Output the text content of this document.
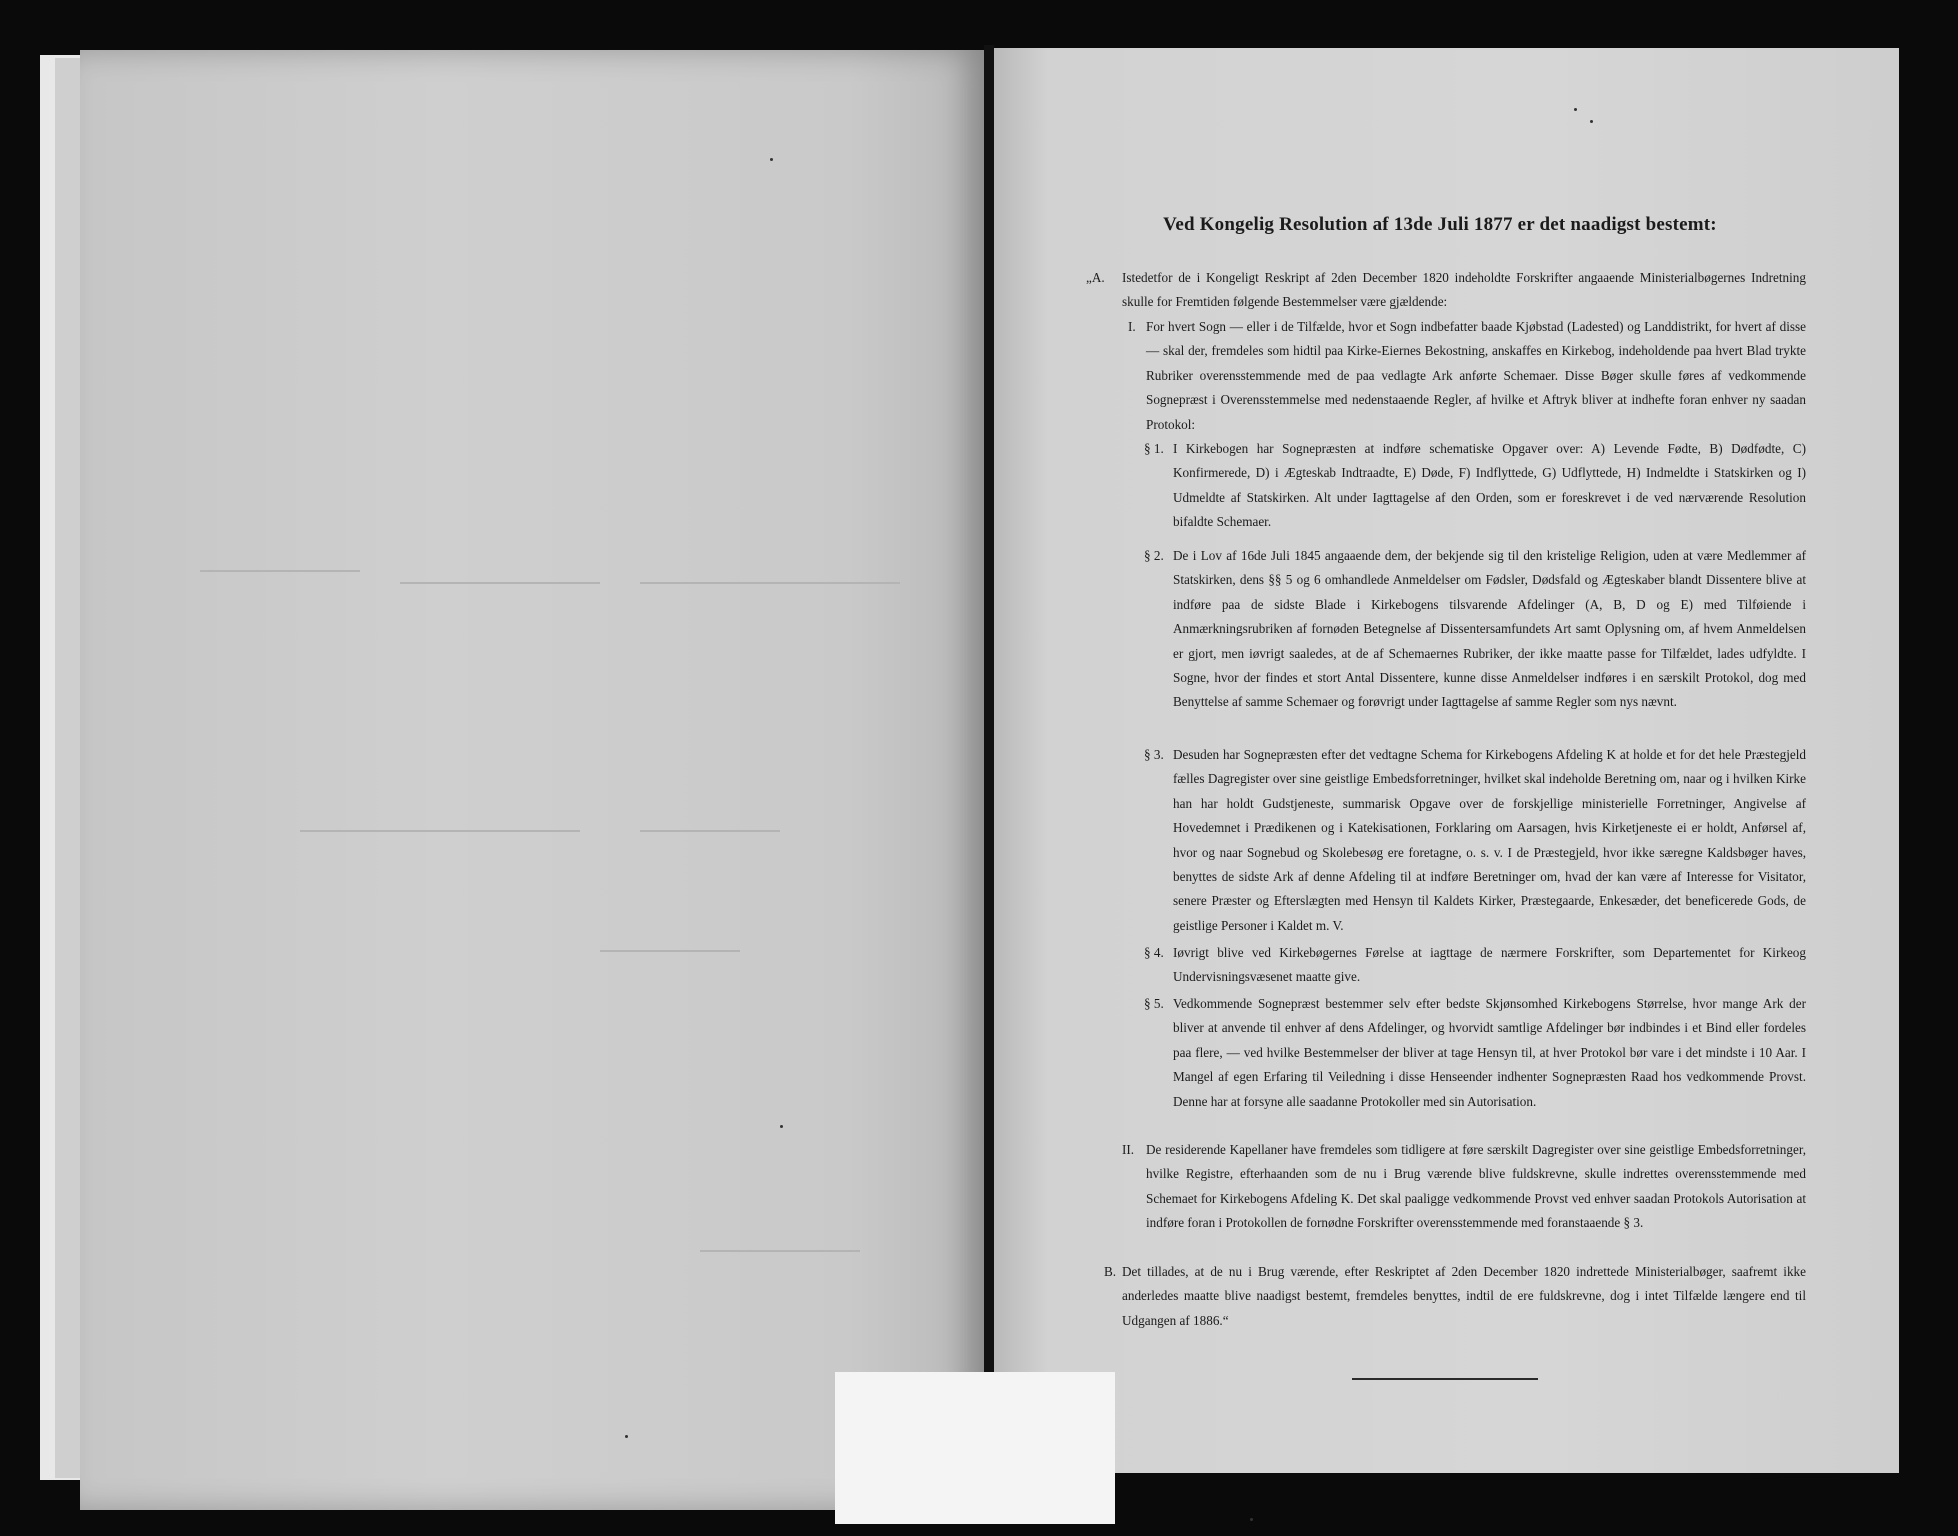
Ved Kongelig Resolution af 13de Juli 1877 er det naadigst bestemt:
„A. Istedetfor de i Kongeligt Reskript af 2den December 1820 indeholdte Forskrifter angaaende Ministerialbøgernes Indretning skulle for Fremtiden følgende Bestemmelser være gjældende:
I. For hvert Sogn — eller i de Tilfælde, hvor et Sogn indbefatter baade Kjøbstad (Ladested) og Landdistrikt, for hvert af disse — skal der, fremdeles som hidtil paa Kirke-Eiernes Bekostning, anskaffes en Kirkebog, indeholdende paa hvert Blad trykte Rubriker overensstemmende med de paa vedlagte Ark anførte Schemaer. Disse Bøger skulle føres af vedkommende Sognepræst i Overensstemmelse med nedenstaaende Regler, af hvilke et Aftryk bliver at indhefte foran enhver ny saadan Protokol:
§ 1. I Kirkebogen har Sognepræsten at indføre schematiske Opgaver over: A) Levende Fødte, B) Dødfødte, C) Konfirmerede, D) i Ægteskab Indtraadte, E) Døde, F) Indflyttede, G) Udflyttede, H) Indmeldte i Statskirken og I) Udmeldte af Statskirken. Alt under Iagttagelse af den Orden, som er foreskrevet i de ved nærværende Resolution bifaldte Schemaer.
§ 2. De i Lov af 16de Juli 1845 angaaende dem, der bekjende sig til den kristelige Religion, uden at være Medlemmer af Statskirken, dens §§ 5 og 6 omhandlede Anmeldelser om Fødsler, Dødsfald og Ægteskaber blandt Dissentere blive at indføre paa de sidste Blade i Kirkebogens tilsvarende Afdelinger (A, B, D og E) med Tilføiende i Anmærkningsrubriken af fornøden Betegnelse af Dissentersamfundets Art samt Oplysning om, af hvem Anmeldelsen er gjort, men iøvrigt saaledes, at de af Schemaernes Rubriker, der ikke maatte passe for Tilfældet, lades udfyldte. I Sogne, hvor der findes et stort Antal Dissentere, kunne disse Anmeldelser indføres i en særskilt Protokol, dog med Benyttelse af samme Schemaer og forøvrigt under Iagttagelse af samme Regler som nys nævnt.
§ 3. Desuden har Sognepræsten efter det vedtagne Schema for Kirkebogens Afdeling K at holde et for det hele Præstegjeld fælles Dagregister over sine geistlige Embedsforretninger, hvilket skal indeholde Beretning om, naar og i hvilken Kirke han har holdt Gudstjeneste, summarisk Opgave over de forskjellige ministerielle Forretninger, Angivelse af Hovedemnet i Prædikenen og i Katekisationen, Forklaring om Aarsagen, hvis Kirketjeneste ei er holdt, Anførsel af, hvor og naar Sognebud og Skolebesøg ere foretagne, o. s. v. I de Præstegjeld, hvor ikke særegne Kaldsbøger haves, benyttes de sidste Ark af denne Afdeling til at indføre Beretninger om, hvad der kan være af Interesse for Visitator, senere Præster og Efterslægten med Hensyn til Kaldets Kirker, Præstegaarde, Enkesæder, det beneficerede Gods, de geistlige Personer i Kaldet m. V.
§ 4. Iøvrigt blive ved Kirkebøgernes Førelse at iagttage de nærmere Forskrifter, som Departementet for Kirkeog Undervisningsvæsenet maatte give.
§ 5. Vedkommende Sognepræst bestemmer selv efter bedste Skjønsomhed Kirkebogens Størrelse, hvor mange Ark der bliver at anvende til enhver af dens Afdelinger, og hvorvidt samtlige Afdelinger bør indbindes i et Bind eller fordeles paa flere, — ved hvilke Bestemmelser der bliver at tage Hensyn til, at hver Protokol bør vare i det mindste i 10 Aar. I Mangel af egen Erfaring til Veiledning i disse Henseender indhenter Sognepræsten Raad hos vedkommende Provst. Denne har at forsyne alle saadanne Protokoller med sin Autorisation.
II. De residerende Kapellaner have fremdeles som tidligere at føre særskilt Dagregister over sine geistlige Embedsforretninger, hvilke Registre, efterhaanden som de nu i Brug værende blive fuldskrevne, skulle indrettes overensstemmende med Schemaet for Kirkebogens Afdeling K. Det skal paaligge vedkommende Provst ved enhver saadan Protokols Autorisation at indføre foran i Protokollen de fornødne Forskrifter overensstemmende med foranstaaende § 3.
B. Det tillades, at de nu i Brug værende, efter Reskriptet af 2den December 1820 indrettede Ministerialbøger, saafremt ikke anderledes maatte blive naadigst bestemt, fremdeles benyttes, indtil de ere fuldskrevne, dog i intet Tilfælde længere end til Udgangen af 1886.“
